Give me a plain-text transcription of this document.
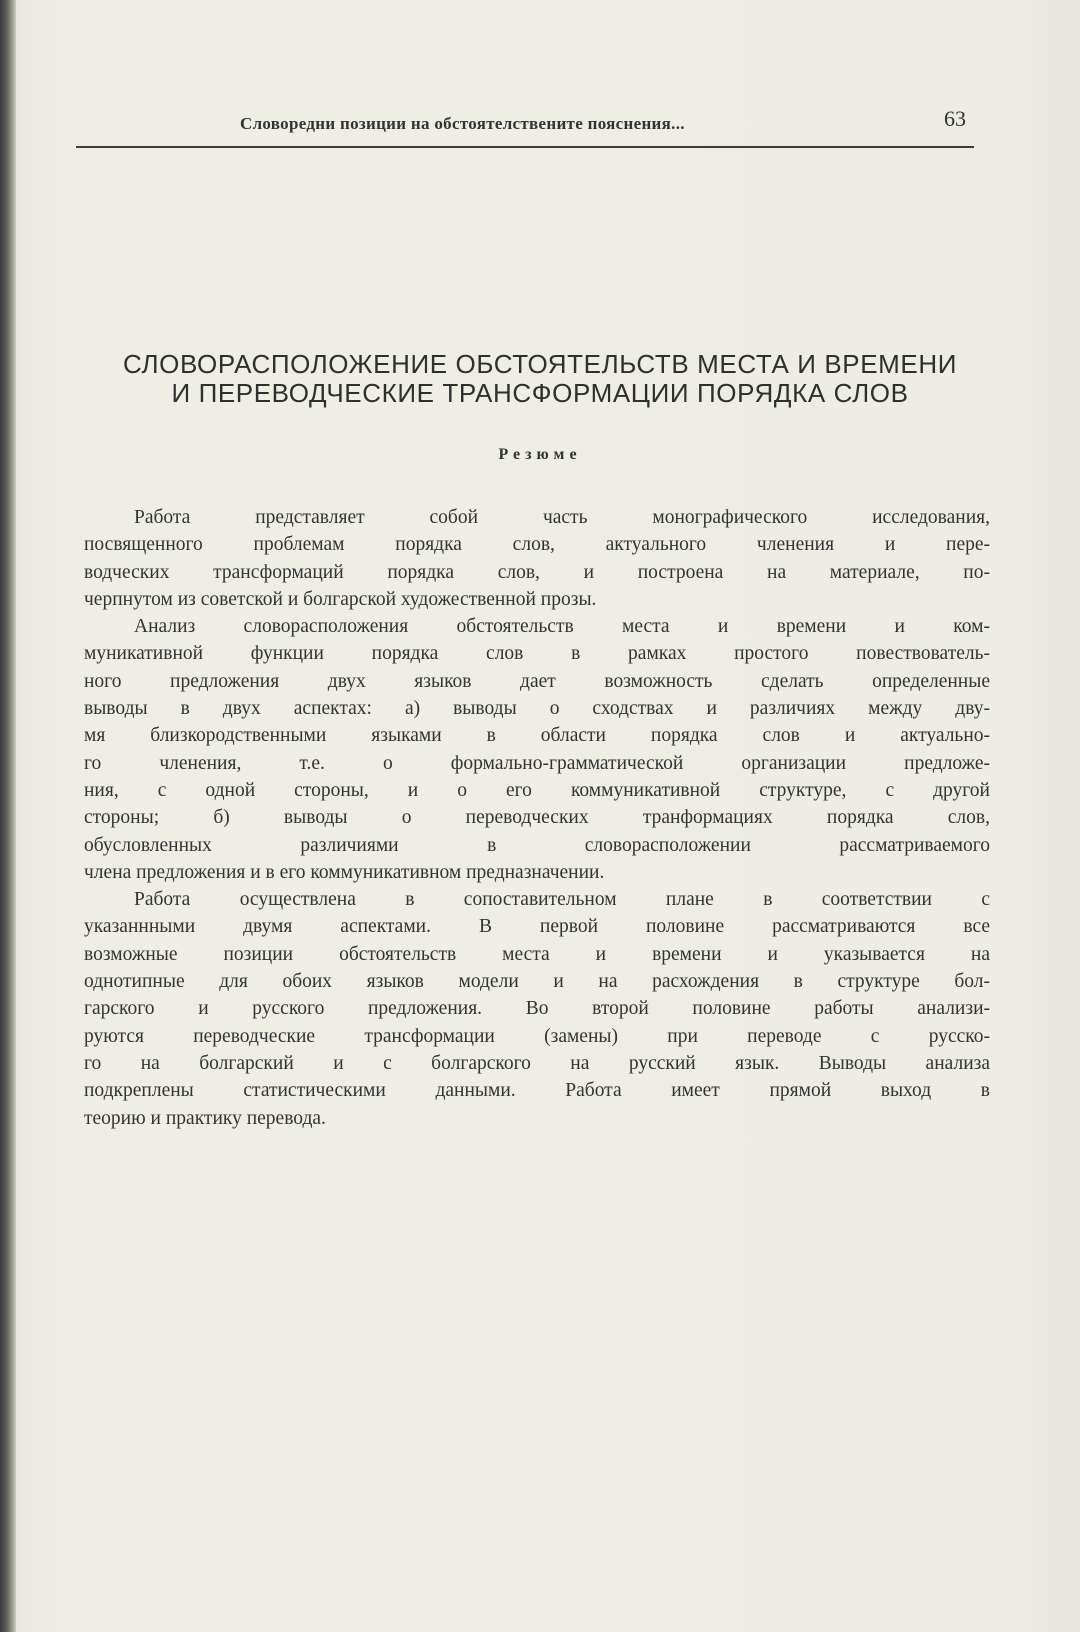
Словоредни позиции на обстоятелствените пояснения...	63
СЛОВОРАСПОЛОЖЕНИЕ ОБСТОЯТЕЛЬСТВ МЕСТА И ВРЕМЕНИ
И ПЕРЕВОДЧЕСКИЕ ТРАНСФОРМАЦИИ ПОРЯДКА СЛОВ
Резюме
Работа представляет собой часть монографического исследования,
посвященного проблемам порядка слов, актуального членения и пере-
водческих трансформаций порядка слов, и построена на материале, по-
черпнутом из советской и болгарской художественной прозы.
Анализ словорасположения обстоятельств места и времени и ком-
муникативной функции порядка слов в рамках простого повествователь-
ного предложения двух языков дает возможность сделать определенные
выводы в двух аспектах: а) выводы о сходствах и различиях между дву-
мя близкородственными языками в области порядка слов и актуально-
го членения, т.е. о формально-грамматической организации предложе-
ния, с одной стороны, и о его коммуникативной структуре, с другой
стороны; б) выводы о переводческих транформациях порядка слов,
обусловленных различиями в словорасположении рассматриваемого
члена предложения и в его коммуникативном предназначении.
Работа осуществлена в сопоставительном плане в соответствии с
указаннными двумя аспектами. В первой половине рассматриваются все
возможные позиции обстоятельств места и времени и указывается на
однотипные для обоих языков модели и на расхождения в структуре бол-
гарского и русского предложения. Во второй половине работы анализи-
руются переводческие трансформации (замены) при переводе с русско-
го на болгарский и с болгарского на русский язык. Выводы анализа
подкреплены статистическими данными. Работа имеет прямой выход в
теорию и практику перевода.
